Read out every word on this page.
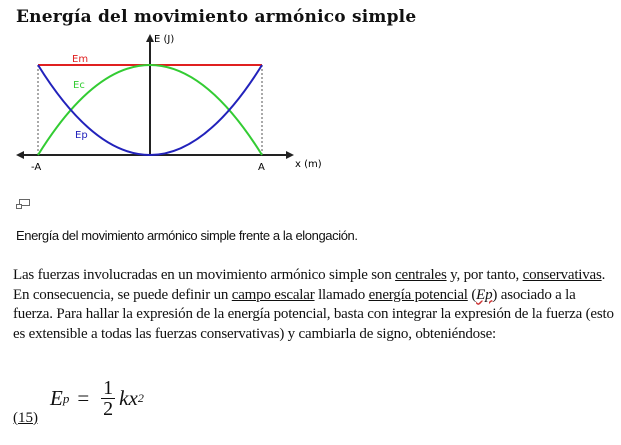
Energía del movimiento armónico simple
E (J)
x (m)
-A	A
Em
Ec
Ep
Energía del movimiento armónico simple frente a la elongación.
Las fuerzas involucradas en un movimiento armónico simple son centrales y, por tanto, conservativas. En consecuencia, se puede definir un campo escalar llamado energía potencial (Ep) asociado a la fuerza. Para hallar la expresión de la energía potencial, basta con integrar la expresión de la fuerza (esto es extensible a todas las fuerzas conservativas) y cambiarla de signo, obteniéndose:
E $p = \frac{1}{2}$ kx 2
(15)
